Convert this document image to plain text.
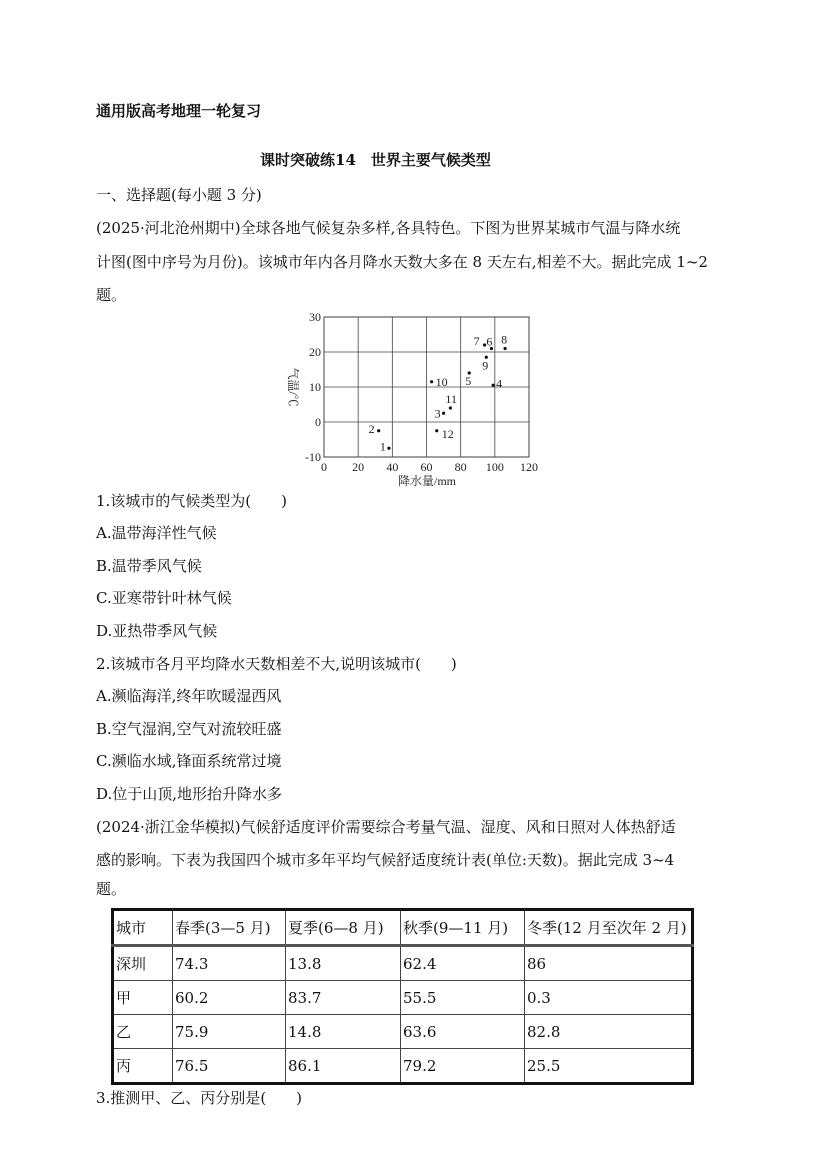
通用版高考地理一轮复习
课时突破练14　世界主要气候类型
一、选择题(每小题 3 分)
(2025·河北沧州期中)全球各地气候复杂多样,各具特色。下图为世界某城市气温与降水统
计图(图中序号为月份)。该城市年内各月降水天数大多在 8 天左右,相差不大。据此完成 1~2
题。
0 20 40 60 80 100 120
-10
0
10
20
30
1
2
3
4
5
6
7 8
9
10
11
12
降水量/mm
气温/℃
1.该城市的气候类型为(　　)
A.温带海洋性气候
B.温带季风气候
C.亚寒带针叶林气候
D.亚热带季风气候
2.该城市各月平均降水天数相差不大,说明该城市(　　)
A.濒临海洋,终年吹暖湿西风
B.空气湿润,空气对流较旺盛
C.濒临水域,锋面系统常过境
D.位于山顶,地形抬升降水多
(2024·浙江金华模拟)气候舒适度评价需要综合考量气温、湿度、风和日照对人体热舒适
感的影响。下表为我国四个城市多年平均气候舒适度统计表(单位:天数)。据此完成 3~4
题。
城市	春季(3—5 月)	夏季(6—8 月)	秋季(9—11 月)	冬季(12 月至次年 2 月)
深圳	74.3	13.8	62.4	86
甲	60.2	83.7	55.5	0.3
乙	75.9	14.8	63.6	82.8
丙	76.5	86.1	79.2	25.5
3.推测甲、乙、丙分别是(　　)
